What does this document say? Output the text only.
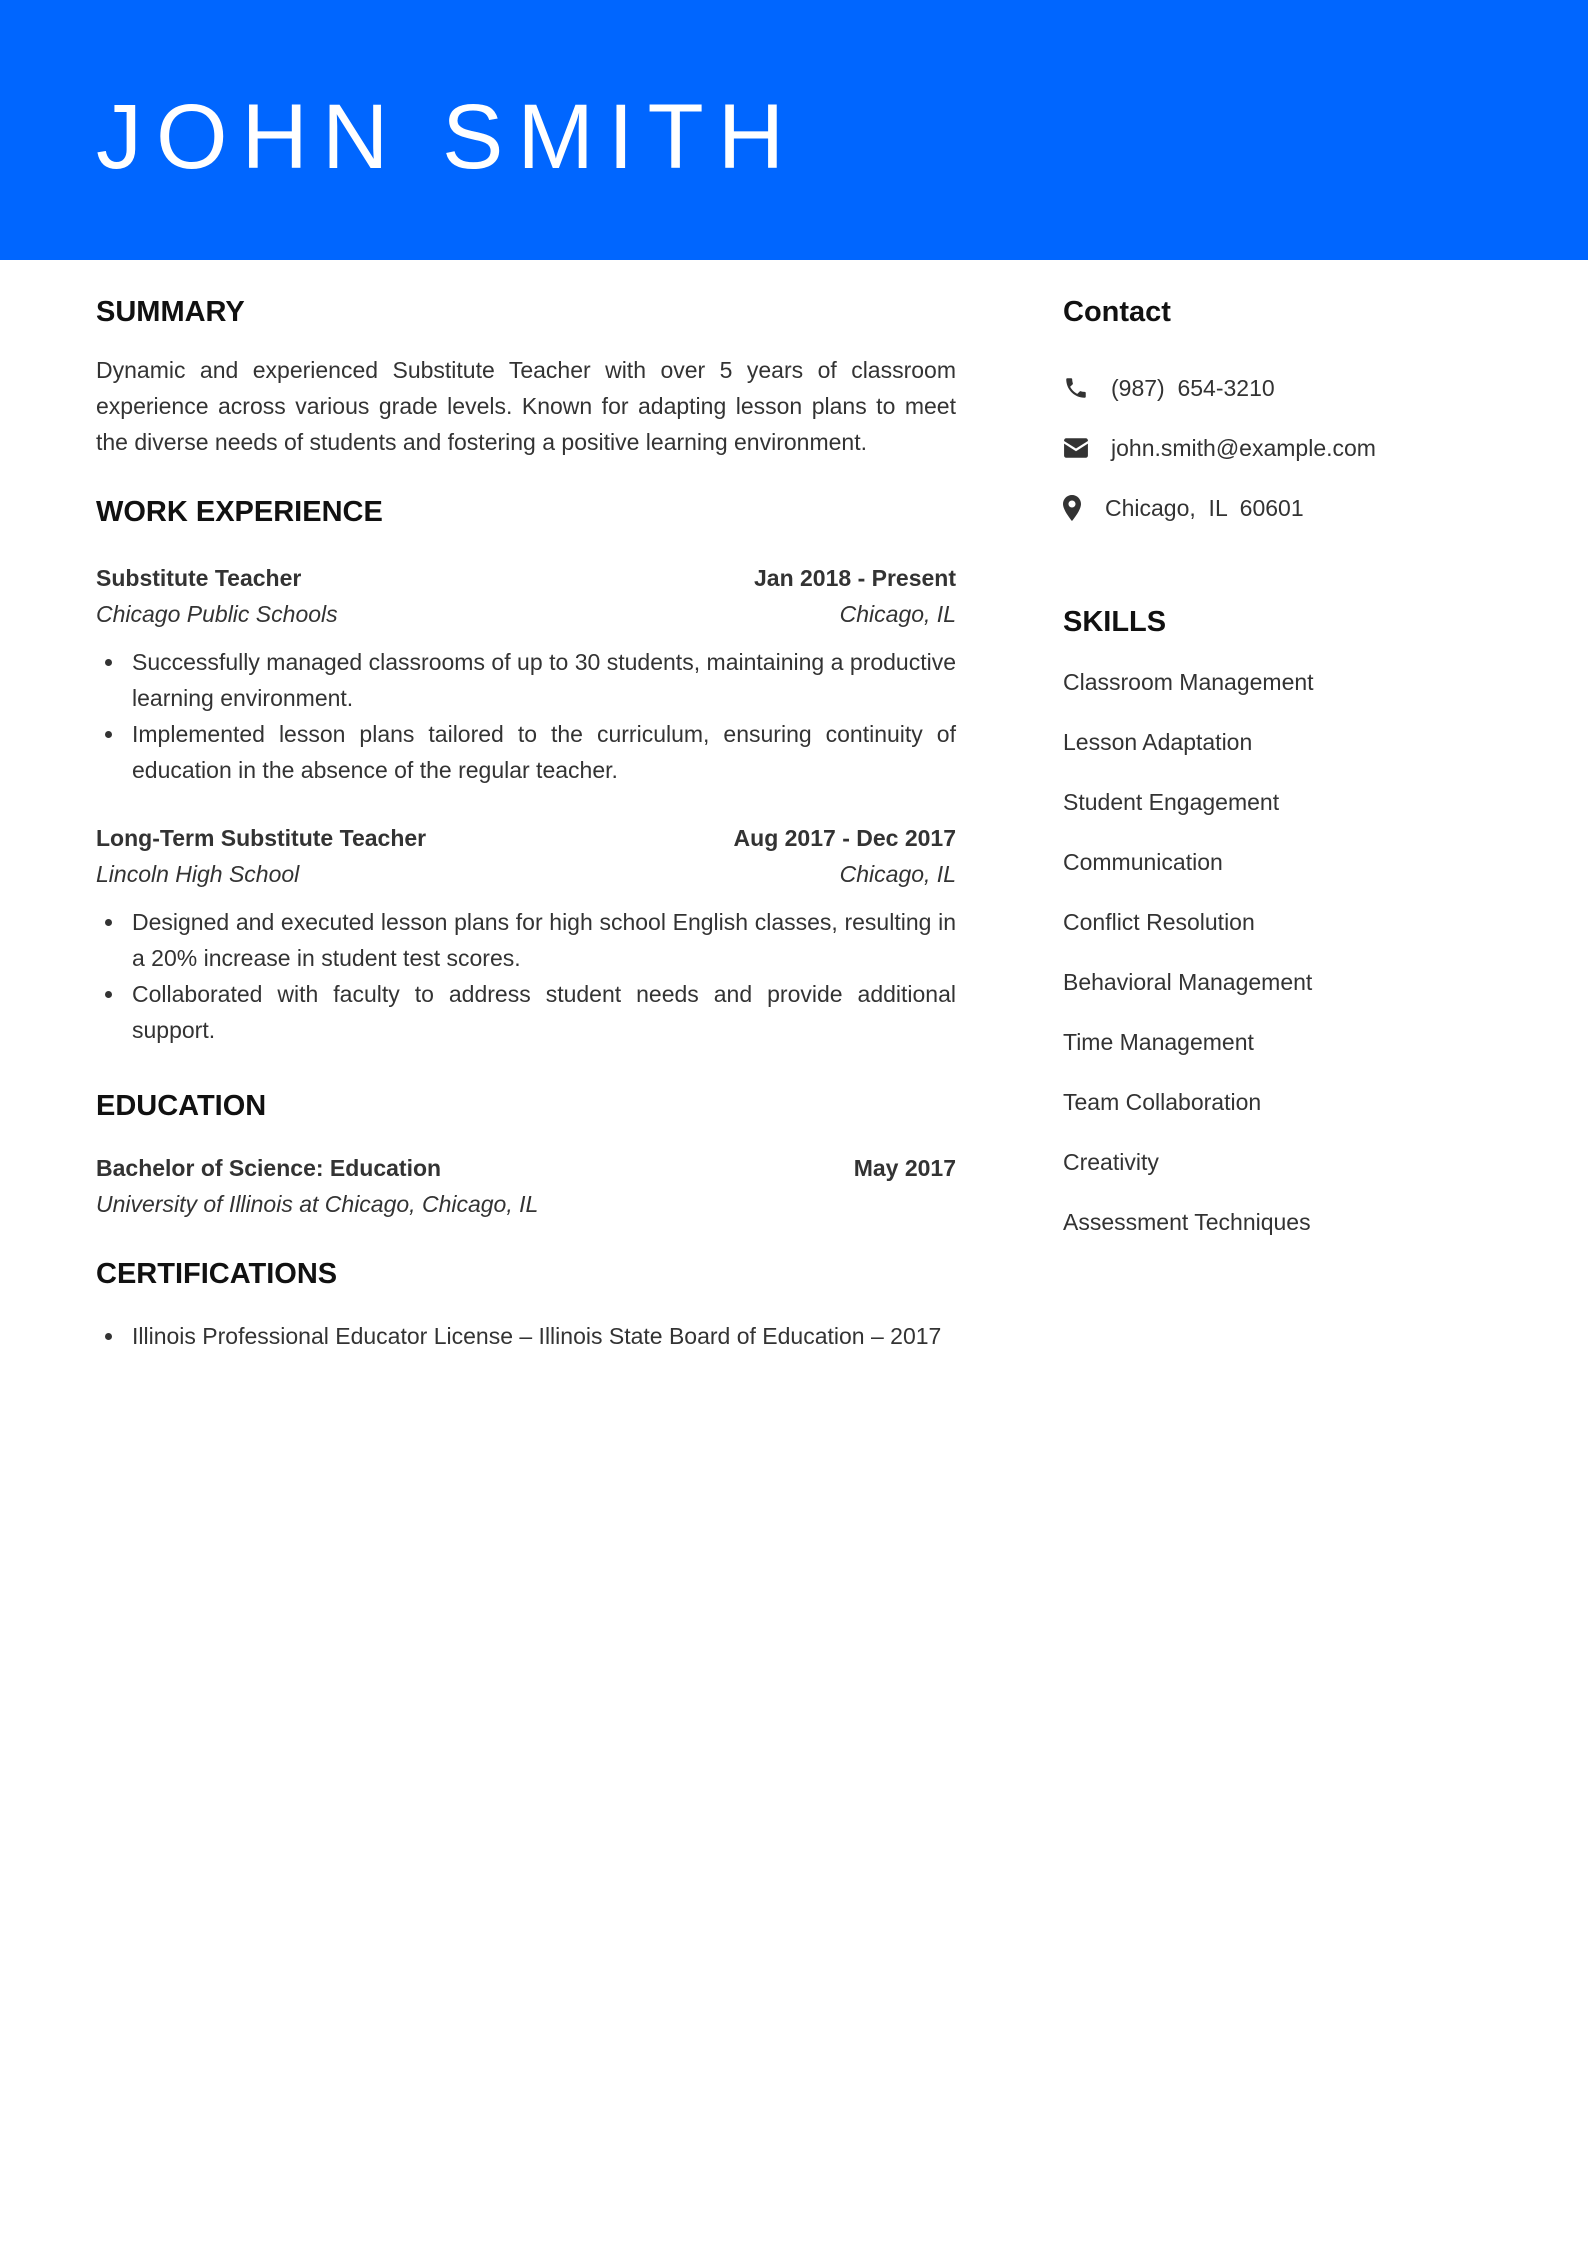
JOHN SMITH
SUMMARY

Dynamic and experienced Substitute Teacher with over 5 years of classroom experience across various grade levels. Known for adapting lesson plans to meet the diverse needs of students and fostering a positive learning environment.

WORK EXPERIENCE
Substitute Teacher	Jan 2018 - Present
Chicago Public Schools	Chicago, IL
Successfully managed classrooms of up to 30 students, maintaining a productive learning environment.
Implemented lesson plans tailored to the curriculum, ensuring continuity of education in the absence of the regular teacher.
Long-Term Substitute Teacher	Aug 2017 - Dec 2017
Lincoln High School	Chicago, IL
Designed and executed lesson plans for high school English classes, resulting in a 20% increase in student test scores.
Collaborated with faculty to address student needs and provide additional support.
EDUCATION
Bachelor of Science: Education	May 2017
University of Illinois at Chicago, Chicago, IL
CERTIFICATIONS
Illinois Professional Educator License – Illinois State Board of Education – 2017
Contact
(987)  654-3210
john.smith@example.com
Chicago,  IL  60601
SKILLS
Classroom Management
Lesson Adaptation
Student Engagement
Communication
Conflict Resolution
Behavioral Management
Time Management
Team Collaboration
Creativity
Assessment Techniques
